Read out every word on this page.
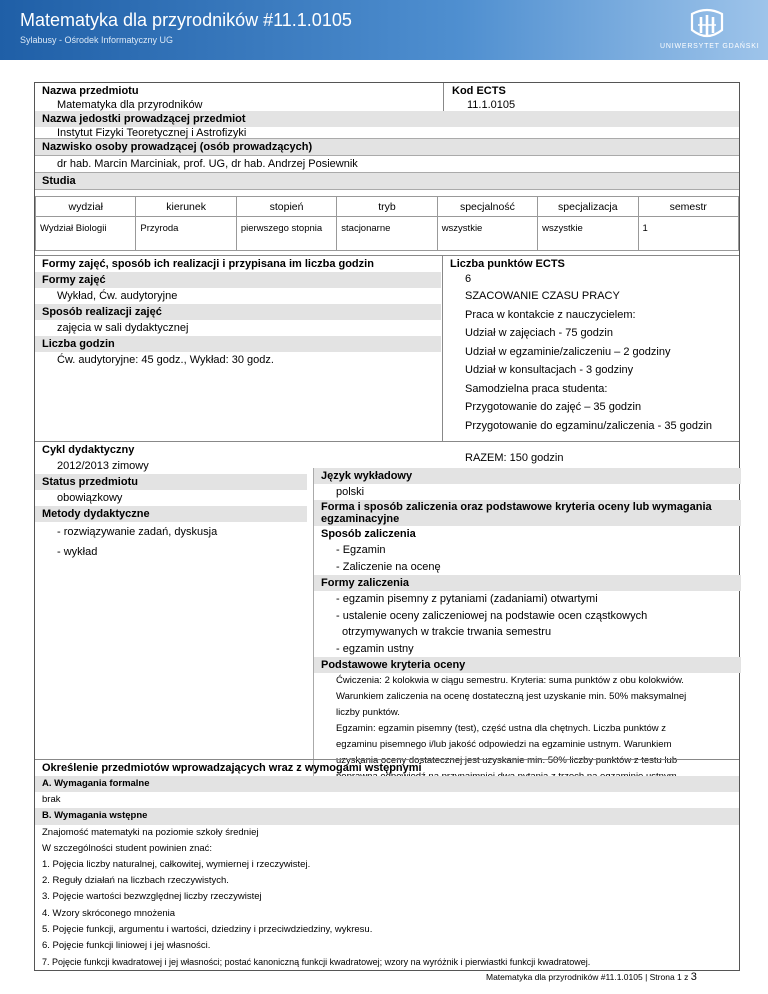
Matematyka dla przyrodników #11.1.0105
Sylabusy - Ośrodek Informatyczny UG
UNIWERSYTET GDAŃSKI
Nazwa przedmiotu
Matematyka dla przyrodników
Kod ECTS
11.1.0105
Nazwa jedostki prowadzącej przedmiot
Instytut Fizyki Teoretycznej i Astrofizyki
Nazwisko osoby prowadzącej (osób prowadzących)
dr hab. Marcin Marciniak, prof. UG, dr hab. Andrzej Posiewnik
Studia
wydział	kierunek	stopień	tryb	specjalność	specjalizacja	semestr
Wydział Biologii	Przyroda	pierwszego stopnia	stacjonarne	wszystkie	wszystkie	1
Formy zajęć, sposób ich realizacji i przypisana im liczba godzin
Formy zajęć
Wykład, Ćw. audytoryjne
Sposób realizacji zajęć
zajęcia w sali dydaktycznej
Liczba godzin
Ćw. audytoryjne: 45 godz., Wykład: 30 godz.
Liczba punktów ECTS
6
SZACOWANIE CZASU PRACY
Praca w kontakcie z nauczycielem:
Udział w zajęciach - 75 godzin
Udział w egzaminie/zaliczeniu – 2 godziny
Udział w konsultacjach - 3 godziny
Samodzielna praca studenta:
Przygotowanie do zajęć – 35 godzin
Przygotowanie do egzaminu/zaliczenia - 35 godzin
RAZEM: 150 godzin
Cykl dydaktyczny
2012/2013 zimowy
Status przedmiotu
obowiązkowy
Metody dydaktyczne
- rozwiązywanie zadań, dyskusja
- wykład
Język wykładowy
polski
Forma i sposób zaliczenia oraz podstawowe kryteria oceny lub wymagania egzaminacyjne
Sposób zaliczenia
- Egzamin
- Zaliczenie na ocenę
Formy zaliczenia
- egzamin pisemny z pytaniami (zadaniami) otwartymi
- ustalenie oceny zaliczeniowej na podstawie ocen cząstkowych
otrzymywanych w trakcie trwania semestru
- egzamin ustny
Podstawowe kryteria oceny
Ćwiczenia: 2 kolokwia w ciągu semestru. Kryteria: suma punktów z obu kolokwiów.
Warunkiem zaliczenia na ocenę dostateczną jest uzyskanie min. 50% maksymalnej
liczby punktów.
Egzamin: egzamin pisemny (test), część ustna dla chętnych. Liczba punktów z
egzaminu pisemnego i/lub jakość odpowiedzi na egzaminie ustnym. Warunkiem
uzyskania oceny dostatecznej jest uzyskanie min. 50% liczby punktów z testu lub
Określenie przedmiotów wprowadzających wraz z wymogami wstępnymi
A. Wymagania formalne
brak
B. Wymagania wstępne
Znajomość matematyki na poziomie szkoły średniej
W szczególności student powinien znać:
1. Pojęcia liczby naturalnej, całkowitej, wymiernej i rzeczywistej.
2. Reguły działań na liczbach rzeczywistych.
3. Pojęcie wartości bezwzględnej liczby rzeczywistej
4. Wzory skróconego mnożenia
5. Pojęcie funkcji, argumentu i wartości, dziedziny i przeciwdziedziny, wykresu.
6. Pojęcie funkcji liniowej i jej własności.
7. Pojęcie funkcji kwadratowej i jej własności; postać kanoniczną funkcji kwadratowej; wzory na wyróżnik i pierwiastki funkcji kwadratowej.
Matematyka dla przyrodników #11.1.0105 | Strona 1 z 3
